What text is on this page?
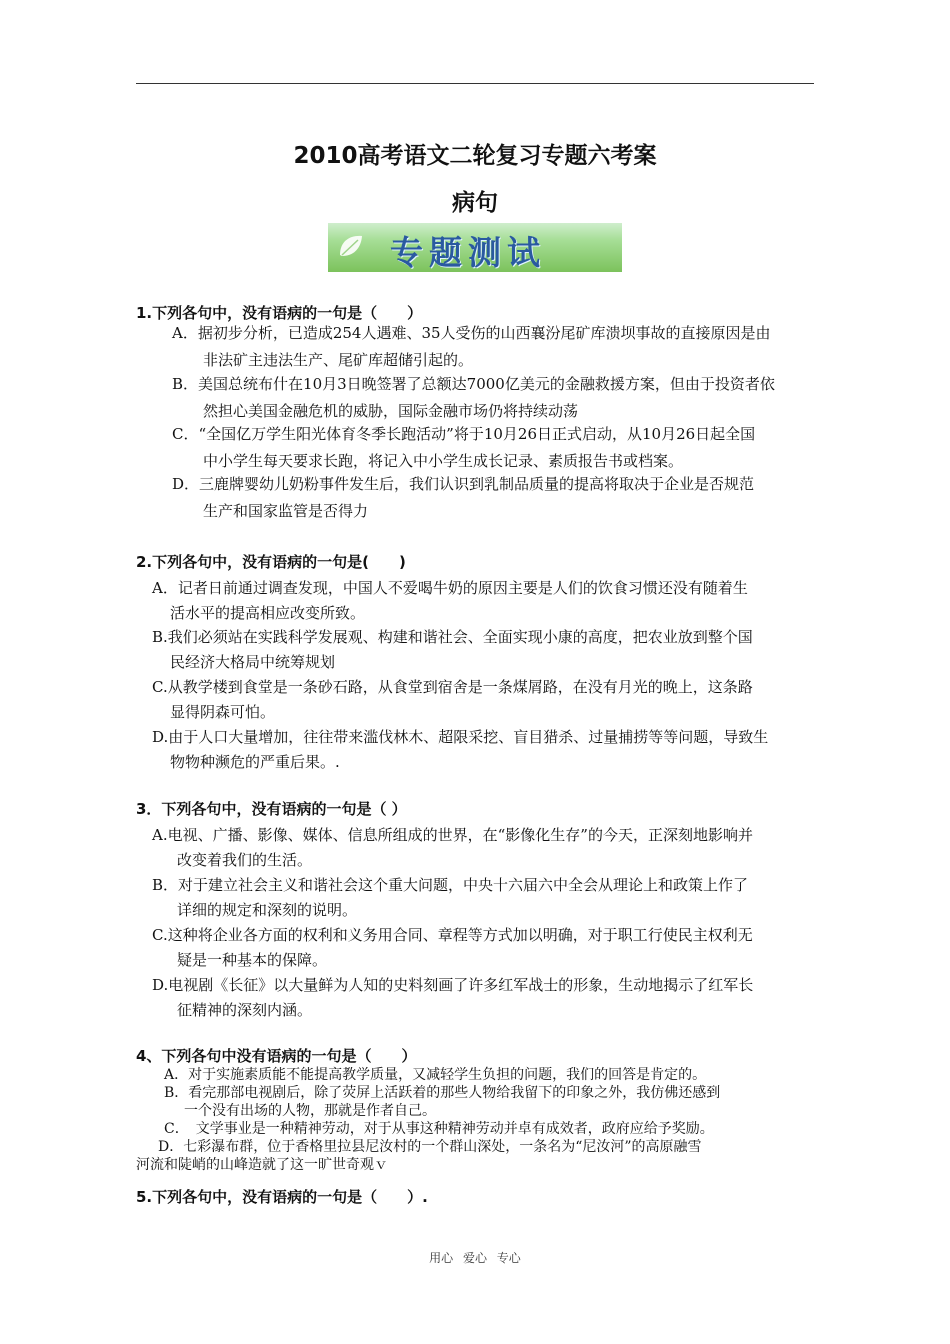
2010高考语文二轮复习专题六考案
病句
专题测试
1.下列各句中，没有语病的一句是（　　）
A．据初步分析，已造成254人遇难、35人受伤的山西襄汾尾矿库溃坝事故的直接原因是由
非法矿主违法生产、尾矿库超储引起的。
B．美国总统布什在10月3日晚签署了总额达7000亿美元的金融救援方案，但由于投资者依
然担心美国金融危机的威胁，国际金融市场仍将持续动荡
C．“全国亿万学生阳光体育冬季长跑活动”将于10月26日正式启动，从10月26日起全国
中小学生每天要求长跑，将记入中小学生成长记录、素质报告书或档案。
D．三鹿牌婴幼儿奶粉事件发生后，我们认识到乳制品质量的提高将取决于企业是否规范
生产和国家监管是否得力
2.下列各句中，没有语病的一句是(　　)
A．记者日前通过调查发现，中国人不爱喝牛奶的原因主要是人们的饮食习惯还没有随着生
活水平的提高相应改变所致。
B.我们必须站在实践科学发展观、构建和谐社会、全面实现小康的高度，把农业放到整个国
民经济大格局中统筹规划
C.从教学楼到食堂是一条砂石路，从食堂到宿舍是一条煤屑路，在没有月光的晚上，这条路
显得阴森可怕。
D.由于人口大量增加，往往带来滥伐林木、超限采挖、盲目猎杀、过量捕捞等等问题，导致生
物物种濒危的严重后果。.
3．下列各句中，没有语病的一句是（ ）
A.电视、广播、影像、媒体、信息所组成的世界，在“影像化生存”的今天，正深刻地影响并
改变着我们的生活。
B．对于建立社会主义和谐社会这个重大问题，中央十六届六中全会从理论上和政策上作了
详细的规定和深刻的说明。
C.这种将企业各方面的权利和义务用合同、章程等方式加以明确，对于职工行使民主权利无
疑是一种基本的保障。
D.电视剧《长征》以大量鲜为人知的史料刻画了许多红军战士的形象，生动地揭示了红军长
征精神的深刻内涵。
4、下列各句中没有语病的一句是（　　）
A．对于实施素质能不能提高教学质量，又减轻学生负担的问题，我们的回答是肯定的。
B．看完那部电视剧后，除了荧屏上活跃着的那些人物给我留下的印象之外，我仿佛还感到
一个没有出场的人物，那就是作者自己。
C．　文学事业是一种精神劳动，对于从事这种精神劳动并卓有成效者，政府应给予奖励。
D．七彩瀑布群，位于香格里拉县尼汝村的一个群山深处，一条名为“尼汝河”的高原融雪
河流和陡峭的山峰造就了这一旷世奇观ｖ
5.下列各句中，没有语病的一句是（　　）.
用心 爱心 专心
